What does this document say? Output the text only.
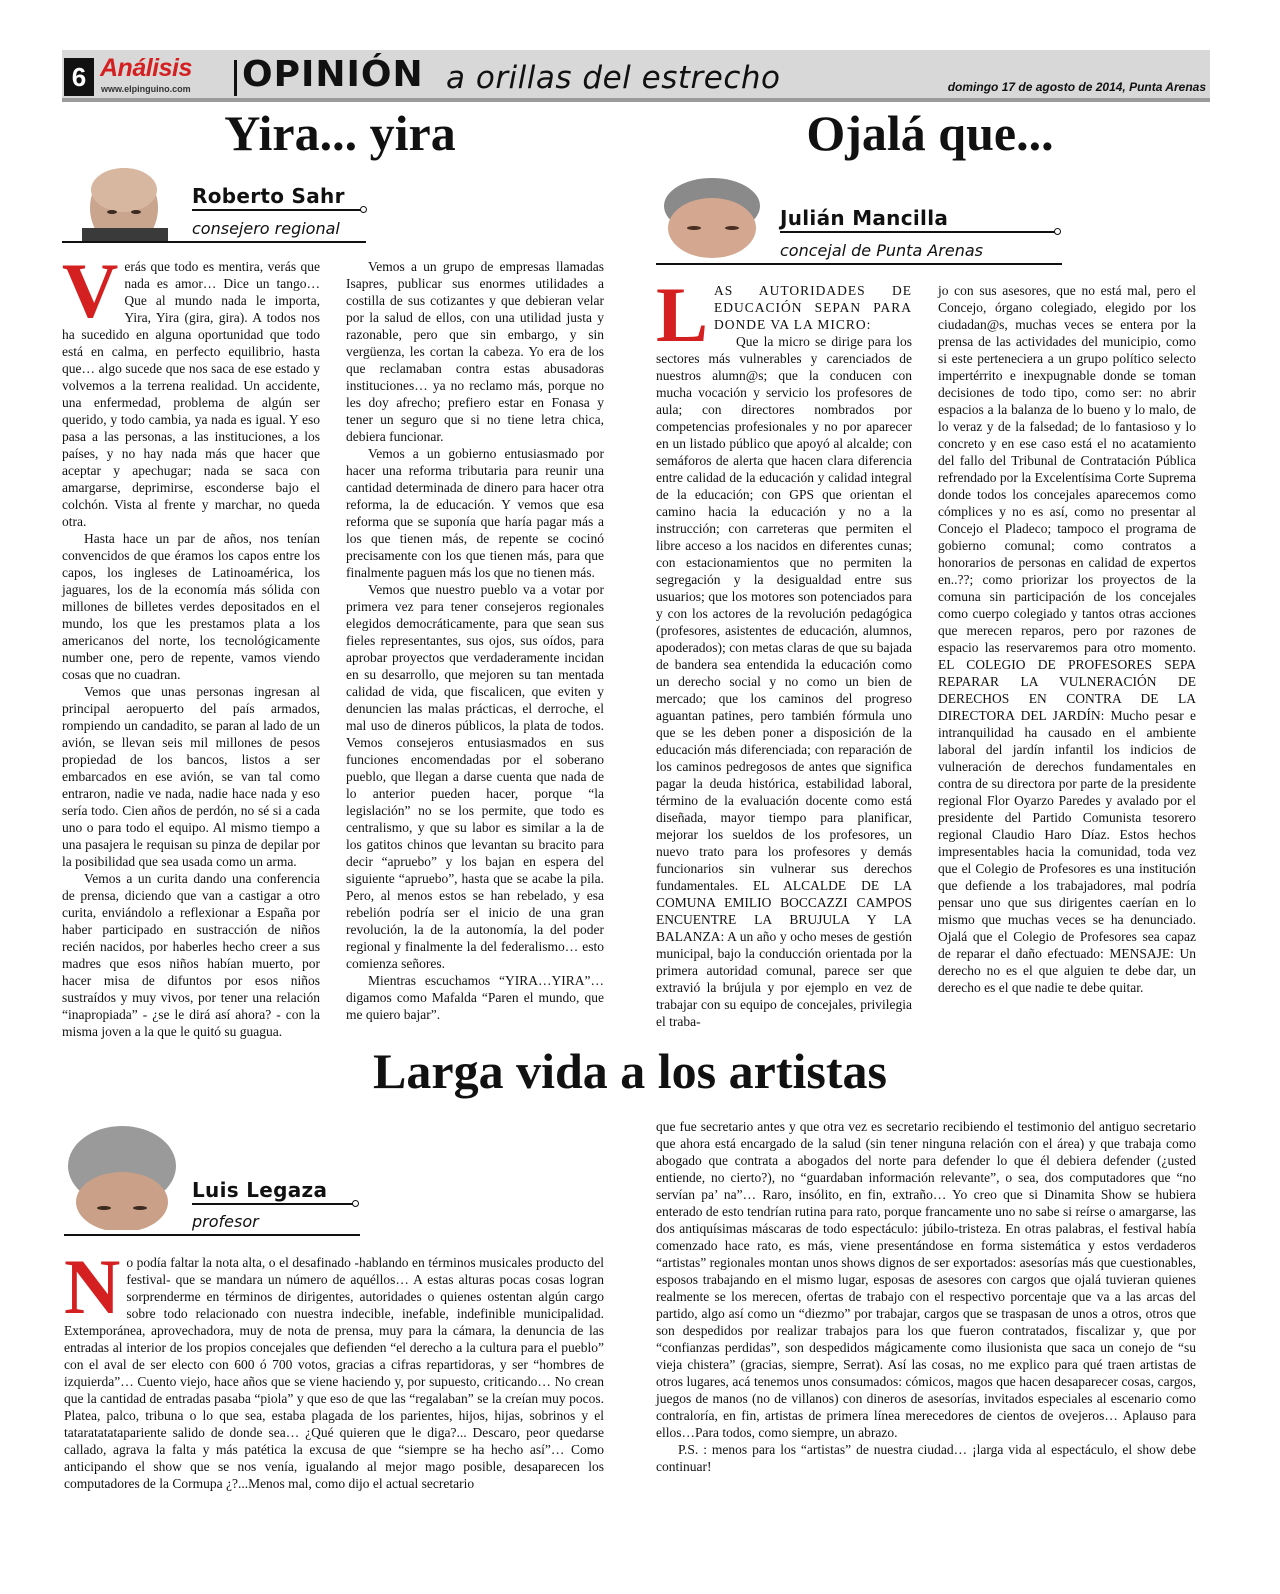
6 Análisis
www.elpinguino.com OPINIÓN a orillas del estrecho	domingo 17 de agosto de 2014, Punta Arenas
Yira... yira
Roberto Sahr
consejero regional
V erás que todo es mentira, verás que nada es amor… Dice un tango… Que al mundo nada le importa, Yira, Yira (gira, gira). A todos nos ha sucedido en alguna oportunidad que todo está en calma, en perfecto equilibrio, hasta que… algo sucede que nos saca de ese estado y volvemos a la terrena realidad. Un accidente, una enfermedad, problema de algún ser querido, y todo cambia, ya nada es igual. Y eso pasa a las personas, a las instituciones, a los países, y no hay nada más que hacer que aceptar y apechugar; nada se saca con amargarse, deprimirse, esconderse bajo el colchón. Vista al frente y marchar, no queda otra.

Hasta hace un par de años, nos tenían convencidos de que éramos los capos entre los capos, los ingleses de Latinoamérica, los jaguares, los de la economía más sólida con millones de billetes verdes depositados en el mundo, los que les prestamos plata a los americanos del norte, los tecnológicamente number one, pero de repente, vamos viendo cosas que no cuadran.

Vemos que unas personas ingresan al principal aeropuerto del país armados, rompiendo un candadito, se paran al lado de un avión, se llevan seis mil millones de pesos propiedad de los bancos, listos a ser embarcados en ese avión, se van tal como entraron, nadie ve nada, nadie hace nada y eso sería todo. Cien años de perdón, no sé si a cada uno o para todo el equipo. Al mismo tiempo a una pasajera le requisan su pinza de depilar por la posibilidad que sea usada como un arma.

Vemos a un curita dando una conferencia de prensa, diciendo que van a castigar a otro curita, enviándolo a reflexionar a España por haber participado en sustracción de niños recién nacidos, por haberles hecho creer a sus madres que esos niños habían muerto, por hacer misa de difuntos por esos niños sustraídos y muy vivos, por tener una relación “inapropiada” - ¿se le dirá así ahora? - con la misma joven a la que le quitó su guagua.

Vemos a un grupo de empresas llamadas Isapres, publicar sus enormes utilidades a costilla de sus cotizantes y que debieran velar por la salud de ellos, con una utilidad justa y razonable, pero que sin embargo, y sin vergüenza, les cortan la cabeza. Yo era de los que reclamaban contra estas abusadoras instituciones… ya no reclamo más, porque no les doy afrecho; prefiero estar en Fonasa y tener un seguro que si no tiene letra chica, debiera funcionar.

Vemos a un gobierno entusiasmado por hacer una reforma tributaria para reunir una cantidad determinada de dinero para hacer otra reforma, la de educación. Y vemos que esa reforma que se suponía que haría pagar más a los que tienen más, de repente se cocinó precisamente con los que tienen más, para que finalmente paguen más los que no tienen más.

Vemos que nuestro pueblo va a votar por primera vez para tener consejeros regionales elegidos democráticamente, para que sean sus fieles representantes, sus ojos, sus oídos, para aprobar proyectos que verdaderamente incidan en su desarrollo, que mejoren su tan mentada calidad de vida, que fiscalicen, que eviten y denuncien las malas prácticas, el derroche, el mal uso de dineros públicos, la plata de todos. Vemos consejeros entusiasmados en sus funciones encomendadas por el soberano pueblo, que llegan a darse cuenta que nada de lo anterior pueden hacer, porque “la legislación” no se los permite, que todo es centralismo, y que su labor es similar a la de los gatitos chinos que levantan su bracito para decir “apruebo” y los bajan en espera del siguiente “apruebo”, hasta que se acabe la pila. Pero, al menos estos se han rebelado, y esa rebelión podría ser el inicio de una gran revolución, la de la autonomía, la del poder regional y finalmente la del federalismo… esto comienza señores.

Mientras escuchamos “YIRA…YIRA”… digamos como Mafalda “Paren el mundo, que me quiero bajar”.

Ojalá que...
Julián Mancilla
concejal de Punta Arenas
L AS AUTORIDADES DE EDUCACIÓN SEPAN PARA DONDE VA LA MICRO:

Que la micro se dirige para los sectores más vulnerables y carenciados de nuestros alumn@s; que la conducen con mucha vocación y servicio los profesores de aula; con directores nombrados por competencias profesionales y no por aparecer en un listado público que apoyó al alcalde; con semáforos de alerta que hacen clara diferencia entre calidad de la educación y calidad integral de la educación; con GPS que orientan el camino hacia la educación y no a la instrucción; con carreteras que permiten el libre acceso a los nacidos en diferentes cunas; con estacionamientos que no permiten la segregación y la desigualdad entre sus usuarios; que los motores son potenciados para y con los actores de la revolución pedagógica (profesores, asistentes de educación, alumnos, apoderados); con metas claras de que su bajada de bandera sea entendida la educación como un derecho social y no como un bien de mercado; que los caminos del progreso aguantan patines, pero también fórmula uno que se les deben poner a disposición de la educación más diferenciada; con reparación de los caminos pedregosos de antes que significa pagar la deuda histórica, estabilidad laboral, término de la evaluación docente como está diseñada, mayor tiempo para planificar, mejorar los sueldos de los profesores, un nuevo trato para los profesores y demás funcionarios sin vulnerar sus derechos fundamentales. EL ALCALDE DE LA COMUNA EMILIO BOCCAZZI CAMPOS ENCUENTRE LA BRUJULA Y LA BALANZA: A un año y ocho meses de gestión municipal, bajo la conducción orientada por la primera autoridad comunal, parece ser que extravió la brújula y por ejemplo en vez de trabajar con su equipo de concejales, privilegia el traba-

jo con sus asesores, que no está mal, pero el Concejo, órgano colegiado, elegido por los ciudadan@s, muchas veces se entera por la prensa de las actividades del municipio, como si este perteneciera a un grupo político selecto impertérrito e inexpugnable donde se toman decisiones de todo tipo, como ser: no abrir espacios a la balanza de lo bueno y lo malo, de lo veraz y de la falsedad; de lo fantasioso y lo concreto y en ese caso está el no acatamiento del fallo del Tribunal de Contratación Pública refrendado por la Excelentísima Corte Suprema donde todos los concejales aparecemos como cómplices y no es así, como no presentar al Concejo el Pladeco; tampoco el programa de gobierno comunal; como contratos a honorarios de personas en calidad de expertos en..??; como priorizar los proyectos de la comuna sin participación de los concejales como cuerpo colegiado y tantos otras acciones que merecen reparos, pero por razones de espacio las reservaremos para otro momento. EL COLEGIO DE PROFESORES SEPA REPARAR LA VULNERACIÓN DE DERECHOS EN CONTRA DE LA DIRECTORA DEL JARDÍN: Mucho pesar e intranquilidad ha causado en el ambiente laboral del jardín infantil los indicios de vulneración de derechos fundamentales en contra de su directora por parte de la presidente regional Flor Oyarzo Paredes y avalado por el presidente del Partido Comunista tesorero regional Claudio Haro Díaz. Estos hechos impresentables hacia la comunidad, toda vez que el Colegio de Profesores es una institución que defiende a los trabajadores, mal podría pensar uno que sus dirigentes caerían en lo mismo que muchas veces se ha denunciado. Ojalá que el Colegio de Profesores sea capaz de reparar el daño efectuado: MENSAJE: Un derecho no es el que alguien te debe dar, un derecho es el que nadie te debe quitar.

Larga vida a los artistas
Luis Legaza
profesor
N o podía faltar la nota alta, o el desafinado -hablando en términos musicales producto del festival- que se mandara un número de aquéllos… A estas alturas pocas cosas logran sorprenderme en términos de dirigentes, autoridades o quienes ostentan algún cargo sobre todo relacionado con nuestra indecible, inefable, indefinible municipalidad. Extemporánea, aprovechadora, muy de nota de prensa, muy para la cámara, la denuncia de las entradas al interior de los propios concejales que defienden “el derecho a la cultura para el pueblo” con el aval de ser electo con 600 ó 700 votos, gracias a cifras repartidoras, y ser “hombres de izquierda”… Cuento viejo, hace años que se viene haciendo y, por supuesto, criticando… No crean que la cantidad de entradas pasaba “piola” y que eso de que las “regalaban” se la creían muy pocos. Platea, palco, tribuna o lo que sea, estaba plagada de los parientes, hijos, hijas, sobrinos y el tataratatatapariente salido de donde sea… ¿Qué quieren que le diga?... Descaro, peor quedarse callado, agrava la falta y más patética la excusa de que “siempre se ha hecho así”… Como anticipando el show que se nos venía, igualando al mejor mago posible, desaparecen los computadores de la Cormupa ¿?...Menos mal, como dijo el actual secretario

que fue secretario antes y que otra vez es secretario recibiendo el testimonio del antiguo secretario que ahora está encargado de la salud (sin tener ninguna relación con el área) y que trabaja como abogado que contrata a abogados del norte para defender lo que él debiera defender (¿usted entiende, no cierto?), no “guardaban información relevante”, o sea, dos computadores que “no servían pa’ na”… Raro, insólito, en fin, extraño… Yo creo que si Dinamita Show se hubiera enterado de esto tendrían rutina para rato, porque francamente uno no sabe si reírse o amargarse, las dos antiquísimas máscaras de todo espectáculo: júbilo-tristeza. En otras palabras, el festival había comenzado hace rato, es más, viene presentándose en forma sistemática y estos verdaderos “artistas” regionales montan unos shows dignos de ser exportados: asesorías más que cuestionables, esposos trabajando en el mismo lugar, esposas de asesores con cargos que ojalá tuvieran quienes realmente se los merecen, ofertas de trabajo con el respectivo porcentaje que va a las arcas del partido, algo así como un “diezmo” por trabajar, cargos que se traspasan de unos a otros, otros que son despedidos por realizar trabajos para los que fueron contratados, fiscalizar y, que por “confianzas perdidas”, son despedidos mágicamente como ilusionista que saca un conejo de “su vieja chistera” (gracias, siempre, Serrat). Así las cosas, no me explico para qué traen artistas de otros lugares, acá tenemos unos consumados: cómicos, magos que hacen desaparecer cosas, cargos, juegos de manos (no de villanos) con dineros de asesorías, invitados especiales al escenario como contraloría, en fin, artistas de primera línea merecedores de cientos de ovejeros… Aplauso para ellos…Para todos, como siempre, un abrazo.

P.S. : menos para los “artistas” de nuestra ciudad… ¡larga vida al espectáculo, el show debe continuar!
